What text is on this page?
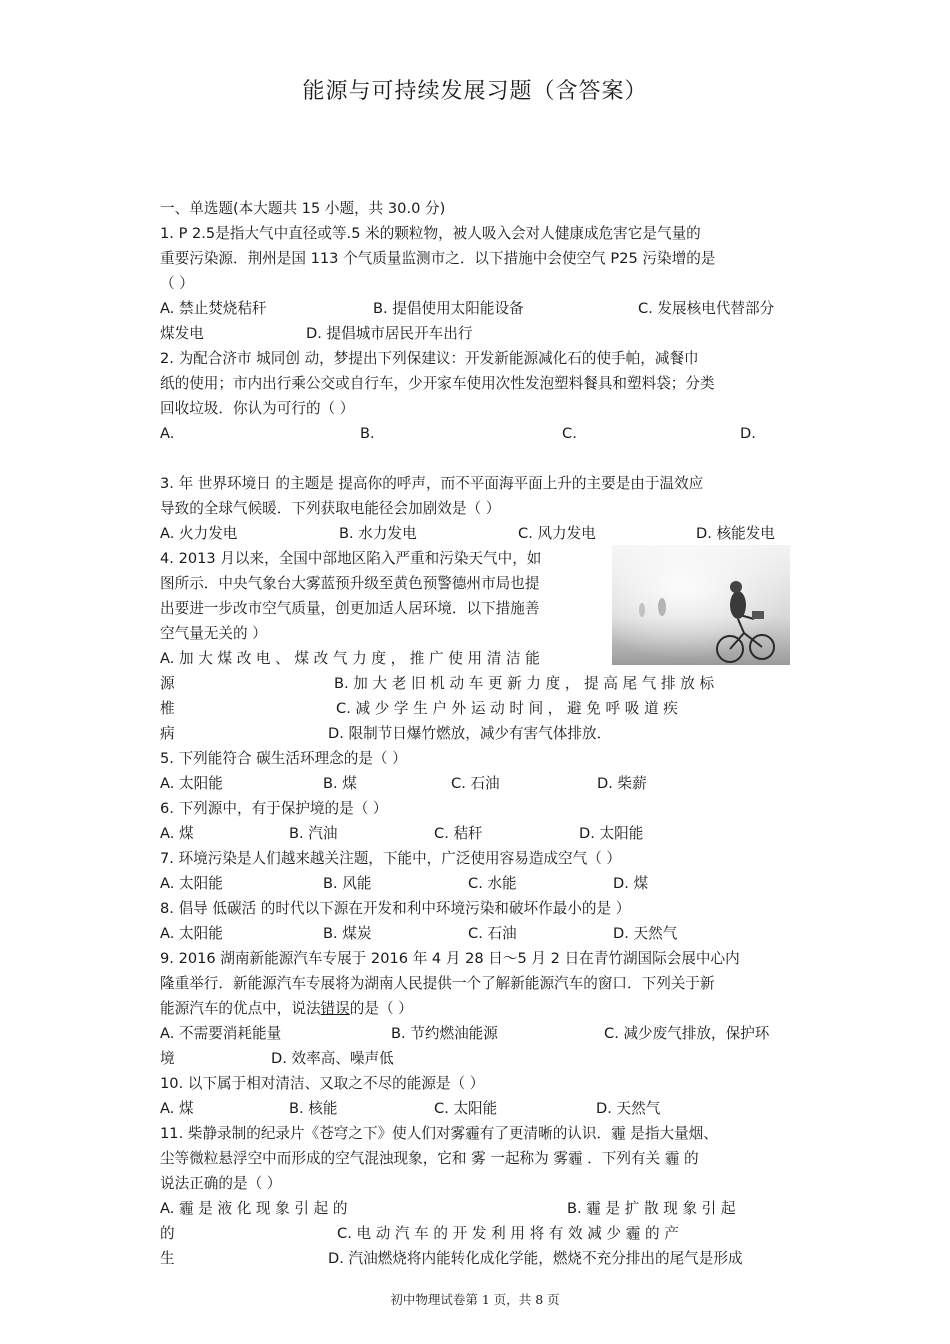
能源与可持续发展习题（含答案）
一、单选题(本大题共 15 小题，共 30.0 分)
1. P 2.5是指大气中直径或等.5 米的颗粒物，被人吸入会对人健康成危害它是气量的
重要污染源．荆州是国 113 个气质量监测市之．以下措施中会使空气 P25 污染增的是
（ ）
A. 禁止焚烧秸秆	B. 提倡使用太阳能设备	C. 发展核电代替部分
煤发电	D. 提倡城市居民开车出行
2. 为配合济市 城同创 动，梦提出下列保建议：开发新能源减化石的使手帕，减餐巾
纸的使用；市内出行乘公交或自行车，少开家车使用次性发泡塑料餐具和塑料袋；分类
回收垃圾．你认为可行的（ ）
A.	B.	C.	D.
3. 年 世界环境日 的主题是 提高你的呼声，而不平面海平面上升的主要是由于温效应
导致的全球气候暖．下列获取电能径会加剧效是（ ）
A. 火力发电	B. 水力发电	C. 风力发电	D. 核能发电
4. 2013 月以来，全国中部地区陷入严重和污染天气中，如
图所示．中央气象台大雾蓝预升级至黄色预警德州市局也提
出要进一步改市空气质量，创更加适人居环境．以下措施善
空气量无关的 ）
A. 加 大 煤 改 电 、 煤 改 气 力 度 ， 推 广 使 用 清 洁 能
源	B. 加 大 老 旧 机 动 车 更 新 力 度 ， 提 高 尾 气 排 放 标
椎	C. 减 少 学 生 户 外 运 动 时 间 ， 避 免 呼 吸 道 疾
病	D. 限制节日爆竹燃放，减少有害气体排放．
5. 下列能符合 碳生活环理念的是（ ）
A. 太阳能	B. 煤	C. 石油	D. 柴薪
6. 下列源中，有于保护境的是（ ）
A. 煤	B. 汽油	C. 秸秆	D. 太阳能
7. 环境污染是人们越来越关注题，下能中，广泛使用容易造成空气（ ）
A. 太阳能	B. 风能	C. 水能	D. 煤
8. 倡导 低碳活 的时代以下源在开发和利中环境污染和破坏作最小的是 ）
A. 太阳能	B. 煤炭	C. 石油	D. 天然气
9. 2016 湖南新能源汽车专展于 2016 年 4 月 28 日～5 月 2 日在青竹湖国际会展中心内
隆重举行．新能源汽车专展将为湖南人民提供一个了解新能源汽车的窗口．下列关于新
能源汽车的优点中，说法错误的是（ ）
A. 不需要消耗能量	B. 节约燃油能源	C. 减少废气排放，保护环
境	D. 效率高、噪声低
10. 以下属于相对清洁、又取之不尽的能源是（ ）
A. 煤	B. 核能	C. 太阳能	D. 天然气
11. 柴静录制的纪录片《苍穹之下》使人们对雾霾有了更清晰的认识．霾 是指大量烟、
尘等微粒悬浮空中而形成的空气混浊现象，它和 雾 一起称为 雾霾 ．下列有关 霾 的
说法正确的是（ ）
A. 霾 是 液 化 现 象 引 起 的	B. 霾 是 扩 散 现 象 引 起
的	C. 电 动 汽 车 的 开 发 利 用 将 有 效 减 少 霾 的 产
生	D. 汽油燃烧将内能转化成化学能，燃烧不充分排出的尾气是形成
初中物理试卷第 1 页，共 8 页
